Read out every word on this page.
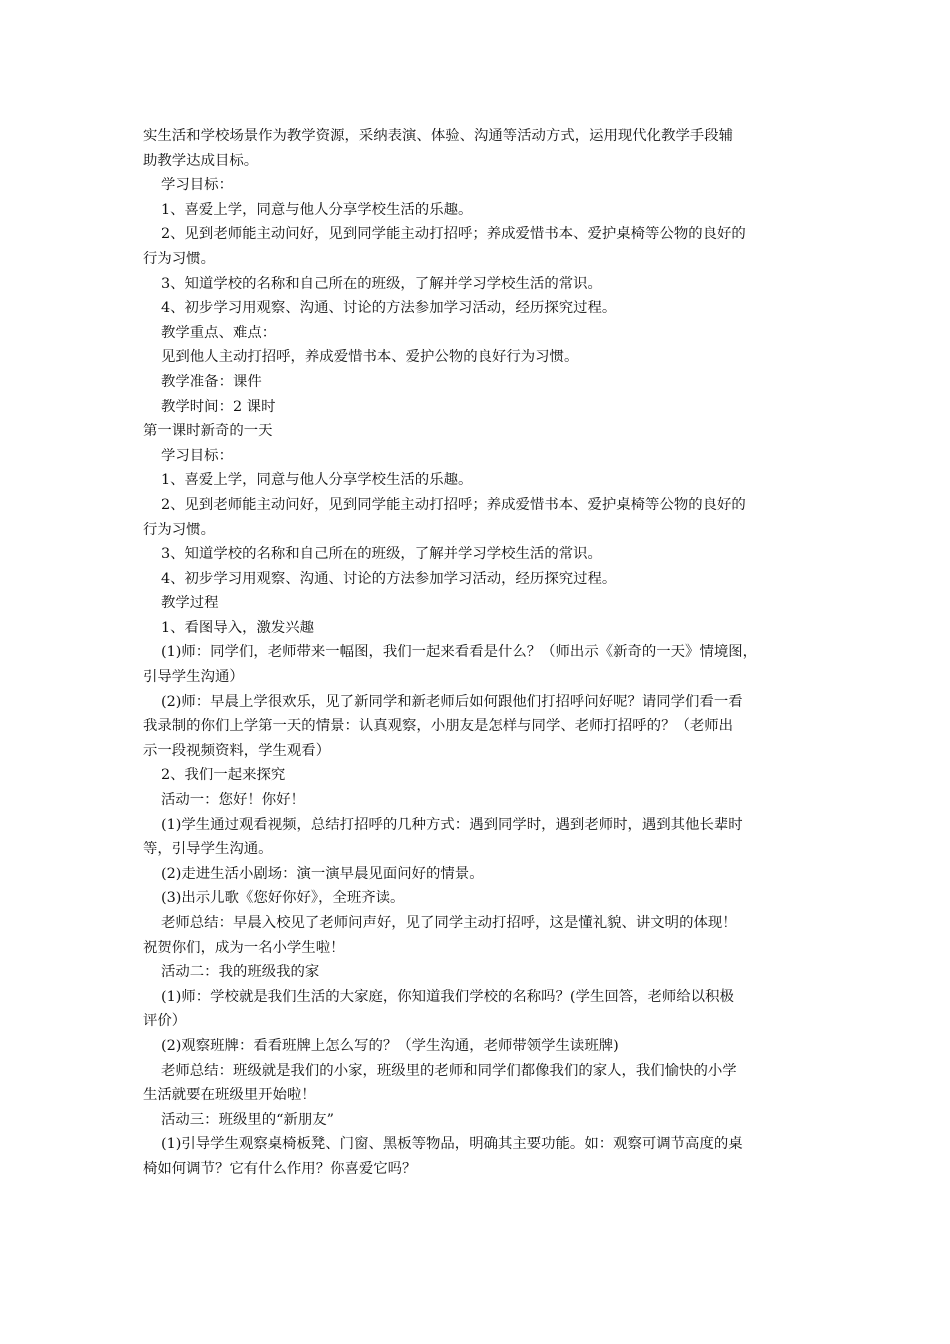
实生活和学校场景作为教学资源，采纳表演、体验、沟通等活动方式，运用现代化教学手段辅
助教学达成目标。
学习目标：
1、喜爱上学，同意与他人分享学校生活的乐趣。
2、见到老师能主动问好，见到同学能主动打招呼；养成爱惜书本、爱护桌椅等公物的良好的
行为习惯。
3、知道学校的名称和自己所在的班级，了解并学习学校生活的常识。
4、初步学习用观察、沟通、讨论的方法参加学习活动，经历探究过程。
教学重点、难点：
见到他人主动打招呼，养成爱惜书本、爱护公物的良好行为习惯。
教学准备：课件
教学时间：2 课时
第一课时新奇的一天
学习目标：
1、喜爱上学，同意与他人分享学校生活的乐趣。
2、见到老师能主动问好，见到同学能主动打招呼；养成爱惜书本、爱护桌椅等公物的良好的
行为习惯。
3、知道学校的名称和自己所在的班级，了解并学习学校生活的常识。
4、初步学习用观察、沟通、讨论的方法参加学习活动，经历探究过程。
教学过程
1、看图导入，激发兴趣
(1)师：同学们，老师带来一幅图，我们一起来看看是什么？（师出示《新奇的一天》情境图，
引导学生沟通）
(2)师：早晨上学很欢乐，见了新同学和新老师后如何跟他们打招呼问好呢？请同学们看一看
我录制的你们上学第一天的情景：认真观察，小朋友是怎样与同学、老师打招呼的？（老师出
示一段视频资料，学生观看）
2、我们一起来探究
活动一：您好！你好！
(1)学生通过观看视频，总结打招呼的几种方式：遇到同学时，遇到老师时，遇到其他长辈时
等，引导学生沟通。
(2)走进生活小剧场：演一演早晨见面问好的情景。
(3)出示儿歌《您好你好》，全班齐读。
老师总结：早晨入校见了老师问声好，见了同学主动打招呼，这是懂礼貌、讲文明的体现！
祝贺你们，成为一名小学生啦！
活动二：我的班级我的家
(1)师：学校就是我们生活的大家庭，你知道我们学校的名称吗？(学生回答，老师给以积极
评价）
(2)观察班牌：看看班牌上怎么写的？（学生沟通，老师带领学生读班牌)
老师总结：班级就是我们的小家，班级里的老师和同学们都像我们的家人，我们愉快的小学
生活就要在班级里开始啦！
活动三：班级里的“新朋友”
(1)引导学生观察桌椅板凳、门窗、黑板等物品，明确其主要功能。如：观察可调节高度的桌
椅如何调节？它有什么作用？你喜爱它吗？
